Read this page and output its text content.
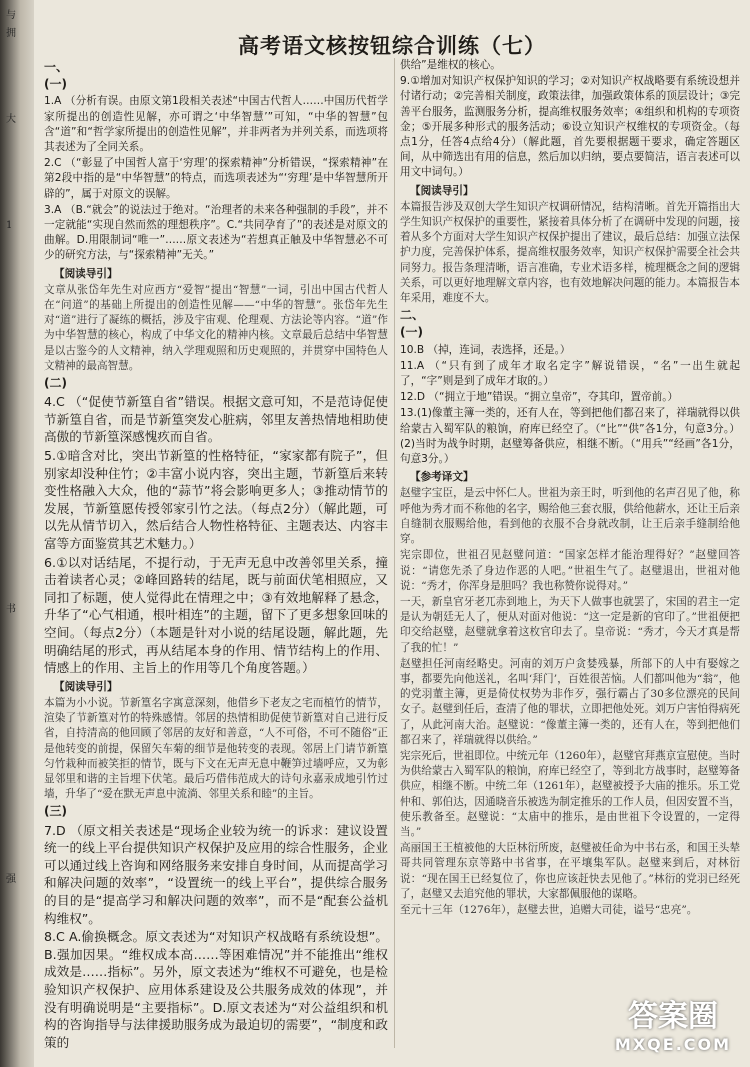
与
拥
大
1
书
强
高考语文核按钮综合训练（七）
一、
(一)

1.A （分析有误。由原文第1段相关表述“中国古代哲人……中国历代哲学家所提出的创造性见解，亦可谓之‘中华智慧’”可知，“中华的智慧”包含“道”和“哲学家所提出的创造性见解”，并非两者为并列关系，而选项将其表述为了全同关系。

2.C （“彰显了中国哲人富于‘穷理’的探索精神”分析错误，“探索精神”在第2段中指的是“中华智慧”的特点，而选项表述为“‘穷理’是中华智慧所开辟的”，属于对原文的误解。

3.A （B.“就会”的说法过于绝对。“治理者的未来各种强制的手段”，并不一定就能“实现自然而然的理想秩序”。C.“共同孕育了”的表述是对原文的曲解。D.用限制词“唯一”……原文表述为“若想真正触及中华智慧必不可少的研究方法，与“探索精神”无关。”

【 阅读导引 】

文章从张岱年先生对应西方“爱智”提出“智慧”一词，引出中国古代哲人在“问道”的基础上所提出的创造性见解——“中华的智慧”。张岱年先生对“道”进行了凝练的概括，涉及宇宙观、伦理观、方法论等内容。“道”作为中华智慧的核心，构成了中华文化的精神内核。文章最后总结中华智慧是以古鉴今的人文精神，纳入学理观照和历史观照的，并贯穿中国特色人文精神的最高智慧。

(二)

4.C （“促使节新篁自省”错误。根据文意可知，不是范诗促使节新篁自省，而是节新篁突发心脏病，邻里友善热情地相助使高傲的节新篁深感愧疚而自省。

5.①暗含对比，突出节新篁的性格特征，“家家都有院子”，但别家却没种住竹；②丰富小说内容，突出主题，节新篁后来转变性格融入大众，他的“蒜节”将会影响更多人；③推动情节的发展，节新篁愿传授邻家引竹之法。（每点2分）（解此题，可以先从情节切入，然后结合人物性格特征、主题表达、内容丰富等方面鉴赏其艺术魅力。）

6.①以对话结尾，不提行动，于无声无息中改善邻里关系，撞击着读者心灵；②峰回路转的结尾，既与前面伏笔相照应，又同扣了标题，使人觉得此在情理之中；③有效地解释了悬念，升华了“心气相通，根叶相连”的主题，留下了更多想象回味的空间。（每点2分）（本题是针对小说的结尾设题，解此题，先明确结尾的形式，再从结尾本身的作用、情节结构上的作用、情感上的作用、主旨上的作用等几个角度答题。）

【 阅读导引 】

本篇为小小说。节新篁名字寓意深刻，他借乡下老友之宅而植竹的情节，渲染了节新篁对竹的特殊感情。邻居的热情相助促使节新篁对自己进行反省，自持清高的他回顾了邻居的友好和善意，“人不可俗，不可不随俗”正是他转变的前提，保留矢车菊的细节是他转变的表现。邻居上门请节新篁匀竹栽种而被笑拒的情节，既与下文在无声无息中鞭笋过墙呼应，又为彰显邻里和谐的主旨埋下伏笔。最后巧借伟范成大的诗句永嘉汞成地引竹过墙，升华了“爱在默无声息中流淌、邻里关系和睦”的主旨。

(三)

7.D （原文相关表述是“现场企业较为统一的诉求：建议设置统一的线上平台提供知识产权保护及应用的综合性服务，企业可以通过线上咨询和网络服务来安排自身时间，从而提高学习和解决问题的效率”，“设置统一的线上平台”，提供综合服务的目的是“提高学习和解决问题的效率”，而不是“配套公益机构维权”。

8.C A.偷换概念。原文表述为“对知识产权战略有系统设想”。B.强加因果。“维权成本高……等困难情况”并不能推出“维权成效是……指标”。另外，原文表述为“维权不可避免，也是检验知识产权保护、应用体系建设及公共服务成效的体现”，并没有明确说明是“主要指标”。D.原文表述为“对公益组织和机构的咨询指导与法律援助服务成为最迫切的需要”，“制度和政策的

供给”是维权的核心。

9.①增加对知识产权保护知识的学习；②对知识产权战略要有系统设想并付诸行动；②完善相关制度，政策法律，加强政策体系的顶层设计；③完善平台服务，监测服务分析，提高维权服务效率；④组织和机构的专项资金；⑤开展多种形式的服务活动；⑥设立知识产权维权的专项资金。（每点1分，任答4点给4分）（解此题，首先要根据题干要求，确定答题区间，从中筛选出有用的信息，然后加以归纳，要点要简洁，语言表述可以用文中词句。）

【 阅读导引 】

本篇报告涉及双创大学生知识产权调研情况，结构清晰。首先开篇指出大学生知识产权保护的重要性，紧接着具体分析了在调研中发现的问题，接着从多个方面对大学生知识产权保护提出了建议，最后总结：加强立法保护力度，完善保护体系，提高维权服务效率，知识产权保护需要全社会共同努力。报告条理清晰，语言准确，专业术语多样，梳理概念之间的逻辑关系，可以更好地理解文章内容，也有效地解决问题的能力。本篇报告本年采用，难度不大。

二、
(一)

10.B （掉，连词，表选择，还是。）

11.A （“只有到了成年才取名定字”解说错误，“名”一出生就起了，“字”则是到了成年才取的。）

12.D （“拥立于地”错误。“拥立皇帝”，夺其印，置帝前。）

13.(1)像董主簿一类的，还有人在，等到把他们都召来了，祥瑞就得以供给蒙古入蜀军队的粮饷，府库已经空了。（“比”“供”各1分，句意3分。）(2)当时为战争时期，赵璧筹备供应，相继不断。（“用兵”“经画”各1分，句意3分。）

【 参考译文 】

赵璧字宝臣，是云中怀仁人。世祖为亲王时，听到他的名声召见了他，称呼他为秀才而不称他的名字，赐给他三套衣服，供给他薪水，还让王后亲自缝制衣服赐给他，看到他的衣服不合身就改制，让王后亲手缝制给他穿。

宪宗即位，世祖召见赵璧问道：“国家怎样才能治理得好？”赵璧回答说：“请您先杀了身边作恶的人吧。”世祖生气了。赵璧退出，世祖对他说：“秀才，你浑身是胆吗？我也称赞你说得对。”

一天，新皇官牙老兀赤到地上，为天下人做事也就罢了，宋国的君主一定是认为朝廷无人了，便从对面对他说：“这一定是新的官印了。”世祖便把印交给赵璧，赵璧就拿着这枚官印去了。皇帝说：“秀才，今天才真是帮了我的忙！”

赵璧担任河南经略史。河南的刘万户贪婪残暴，所部下的人中有娶嫁之事，都要先向他送礼，名叫‘拜门’，百姓很苦恼。人们都叫他为“翁”，他的党羽董主簿，更是倚仗权势为非作歹，强行霸占了30多位漂亮的民间女子。赵璧到任后，查清了他的罪状，立即把他处死。刘万户害怕得病死了，从此河南大治。赵璧说：“像董主簿一类的，还有人在，等到把他们都召来了，祥瑞就得以供给。”

宪宗死后，世祖即位。中统元年（1260年），赵璧官拜燕京宣慰使。当时为供给蒙古入蜀军队的粮饷，府库已经空了，等到北方战事时，赵璧筹备供应，相继不断。中统二年（1261年），赵璧被授予大庙的推乐。乐工党仲和、郭伯达，因通晓音乐被选为制定推乐的工作人员，但因安置不当，使乐教备至。赵璧说：“太庙中的推乐，是由世祖下令设置的，一定得当。”

高丽国王王植被他的大臣林衍所废，赵璧被任命为中书右丞，和国王头辇哥共同管理东京等路中书省事，在平壤集军队。赵璧来到后，对林衍说：“现在国王已经复位了，你也应该赶快去见他了。”林衍的党羽已经死了，赵璧又去追究他的罪状，大家都佩服他的谋略。

至元十三年（1276年），赵璧去世，追赠大司徒，谥号“忠亮”。

答案圈
MXQE.COM
